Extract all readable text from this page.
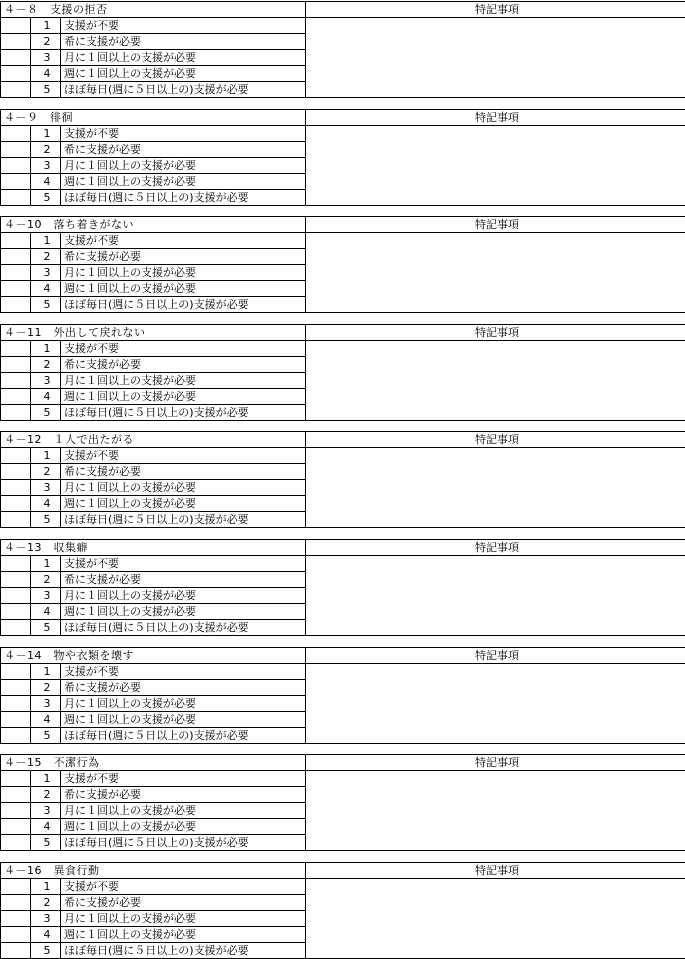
４－８　 支援の拒否			特記事項
	1	支援が不要	
	2	希に支援が必要	
	3	月に１回以上の支援が必要	
	4	週に１回以上の支援が必要	
	5	ほぼ毎日(週に５日以上の)支援が必要	
４－９　 徘徊			特記事項
	1	支援が不要	
	2	希に支援が必要	
	3	月に１回以上の支援が必要	
	4	週に１回以上の支援が必要	
	5	ほぼ毎日(週に５日以上の)支援が必要	
４－10　 落ち着きがない			特記事項
	1	支援が不要	
	2	希に支援が必要	
	3	月に１回以上の支援が必要	
	4	週に１回以上の支援が必要	
	5	ほぼ毎日(週に５日以上の)支援が必要	
４－11　 外出して戻れない			特記事項
	1	支援が不要	
	2	希に支援が必要	
	3	月に１回以上の支援が必要	
	4	週に１回以上の支援が必要	
	5	ほぼ毎日(週に５日以上の)支援が必要	
４－12　 １人で出たがる			特記事項
	1	支援が不要	
	2	希に支援が必要	
	3	月に１回以上の支援が必要	
	4	週に１回以上の支援が必要	
	5	ほぼ毎日(週に５日以上の)支援が必要	
４－13　 収集癖			特記事項
	1	支援が不要	
	2	希に支援が必要	
	3	月に１回以上の支援が必要	
	4	週に１回以上の支援が必要	
	5	ほぼ毎日(週に５日以上の)支援が必要	
４－14　 物や衣類を壊す			特記事項
	1	支援が不要	
	2	希に支援が必要	
	3	月に１回以上の支援が必要	
	4	週に１回以上の支援が必要	
	5	ほぼ毎日(週に５日以上の)支援が必要	
４－15　 不潔行為			特記事項
	1	支援が不要	
	2	希に支援が必要	
	3	月に１回以上の支援が必要	
	4	週に１回以上の支援が必要	
	5	ほぼ毎日(週に５日以上の)支援が必要	
４－16　 異食行動			特記事項
	1	支援が不要	
	2	希に支援が必要	
	3	月に１回以上の支援が必要	
	4	週に１回以上の支援が必要	
	5	ほぼ毎日(週に５日以上の)支援が必要	
